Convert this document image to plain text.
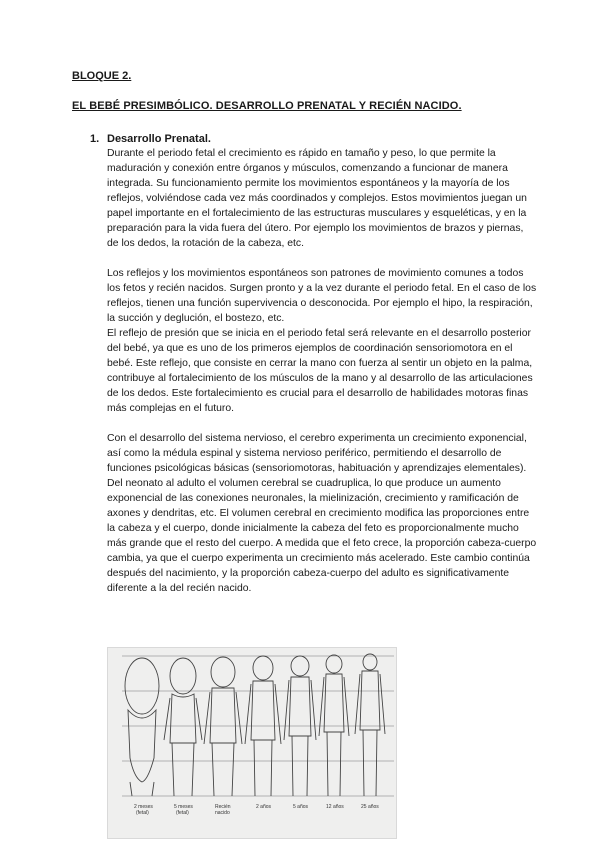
BLOQUE 2.
EL BEBÉ PRESIMBÓLICO. DESARROLLO PRENATAL Y RECIÉN NACIDO.
1. Desarrollo Prenatal.

Durante el periodo fetal el crecimiento es rápido en tamaño y peso, lo que permite la maduración y conexión entre órganos y músculos, comenzando a funcionar de manera integrada. Su funcionamiento permite los movimientos espontáneos y la mayoría de los reflejos, volviéndose cada vez más coordinados y complejos. Estos movimientos juegan un papel importante en el fortalecimiento de las estructuras musculares y esqueléticas, y en la preparación para la vida fuera del útero. Por ejemplo los movimientos de brazos y piernas, de los dedos, la rotación de la cabeza, etc.

Los reflejos y los movimientos espontáneos son patrones de movimiento comunes a todos los fetos y recién nacidos. Surgen pronto y a la vez durante el periodo fetal. En el caso de los reflejos, tienen una función supervivencia o desconocida. Por ejemplo el hipo, la respiración, la succión y deglución, el bostezo, etc.

El reflejo de presión que se inicia en el periodo fetal será relevante en el desarrollo posterior del bebé, ya que es uno de los primeros ejemplos de coordinación sensoriomotora en el bebé. Este reflejo, que consiste en cerrar la mano con fuerza al sentir un objeto en la palma, contribuye al fortalecimiento de los músculos de la mano y al desarrollo de las articulaciones de los dedos. Este fortalecimiento es crucial para el desarrollo de habilidades motoras finas más complejas en el futuro.

Con el desarrollo del sistema nervioso, el cerebro experimenta un crecimiento exponencial, así como la médula espinal y sistema nervioso periférico, permitiendo el desarrollo de funciones psicológicas básicas (sensoriomotoras, habituación y aprendizajes elementales).

Del neonato al adulto el volumen cerebral se cuadruplica, lo que produce un aumento exponencial de las conexiones neuronales, la mielinización, crecimiento y ramificación de axones y dendritas, etc. El volumen cerebral en crecimiento modifica las proporciones entre la cabeza y el cuerpo, donde inicialmente la cabeza del feto es proporcionalmente mucho más grande que el resto del cuerpo. A medida que el feto crece, la proporción cabeza-cuerpo cambia, ya que el cuerpo experimenta un crecimiento más acelerado. Este cambio continúa después del nacimiento, y la proporción cabeza-cuerpo del adulto es significativamente diferente a la del recién nacido.

2 meses
(fetal)
5 meses
(fetal)
Recién
nacido
2 años	5 años	12 años	25 años
